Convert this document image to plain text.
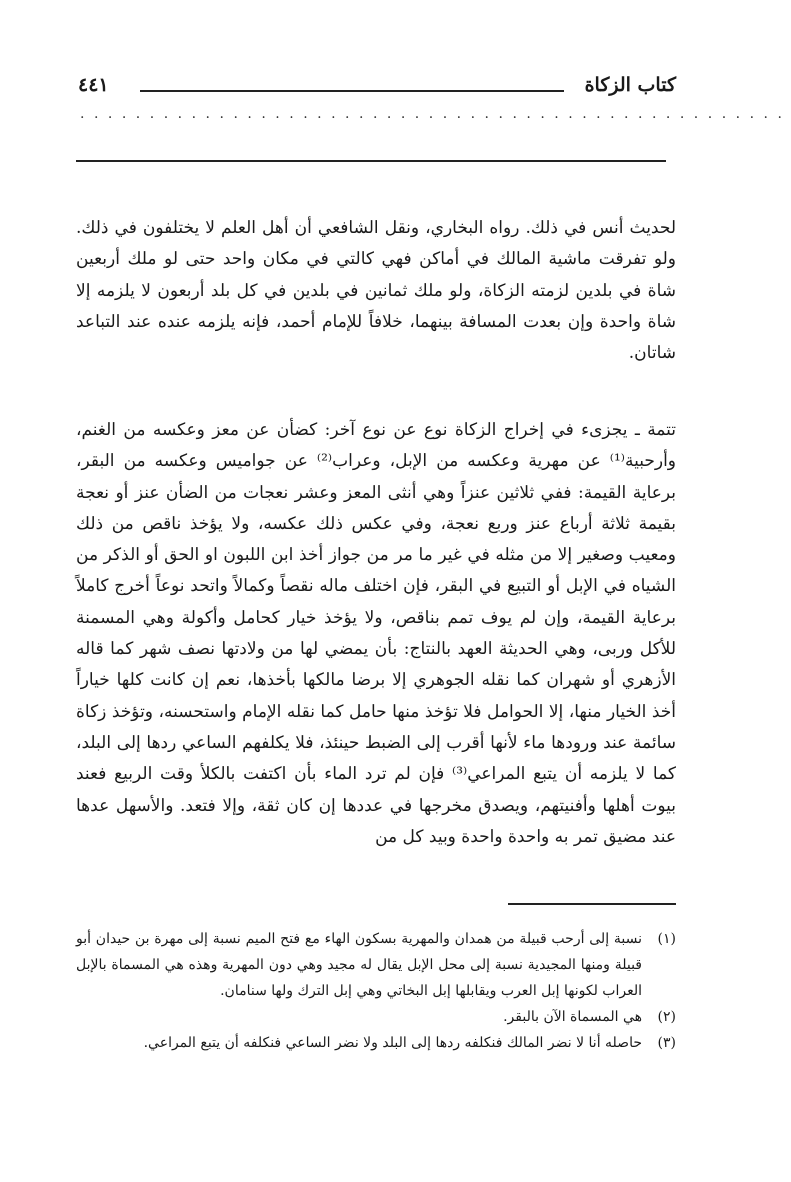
كتاب الزكاة
٤٤١
...................................................

لحديث أنس في ذلك. رواه البخاري، ونقل الشافعي أن أهل العلم لا يختلفون في ذلك. ولو تفرقت ماشية المالك في أماكن فهي كالتي في مكان واحد حتى لو ملك أربعين شاة في بلدين لزمته الزكاة، ولو ملك ثمانين في بلدين في كل بلد أربعون لا يلزمه إلا شاة واحدة وإن بعدت المسافة بينهما، خلافاً للإمام أحمد، فإنه يلزمه عنده عند التباعد شاتان.

تتمة ـ يجزىء في إخراج الزكاة نوع عن نوع آخر: كضأن عن معز وعكسه من الغنم، وأرحبية⁽¹⁾ عن مهرية وعكسه من الإبل، وعراب⁽²⁾ عن جواميس وعكسه من البقر، برعاية القيمة: ففي ثلاثين عنزاً وهي أنثى المعز وعشر نعجات من الضأن عنز أو نعجة بقيمة ثلاثة أرباع عنز وربع نعجة، وفي عكس ذلك عكسه، ولا يؤخذ ناقص من ذلك ومعيب وصغير إلا من مثله في غير ما مر من جواز أخذ ابن اللبون او الحق أو الذكر من الشياه في الإبل أو التبيع في البقر، فإن اختلف ماله نقصاً وكمالاً واتحد نوعاً أخرج كاملاً برعاية القيمة، وإن لم يوف تمم بناقص، ولا يؤخذ خيار كحامل وأكولة وهي المسمنة للأكل وربى، وهي الحديثة العهد بالنتاج: بأن يمضي لها من ولادتها نصف شهر كما قاله الأزهري أو شهران كما نقله الجوهري إلا برضا مالكها بأخذها، نعم إن كانت كلها خياراً أخذ الخيار منها، إلا الحوامل فلا تؤخذ منها حامل كما نقله الإمام واستحسنه، وتؤخذ زكاة سائمة عند ورودها ماء لأنها أقرب إلى الضبط حينئذ، فلا يكلفهم الساعي ردها إلى البلد، كما لا يلزمه أن يتبع المراعي⁽³⁾ فإن لم ترد الماء بأن اكتفت بالكلأ وقت الربيع فعند بيوت أهلها وأفنيتهم، ويصدق مخرجها في عددها إن كان ثقة، وإلا فتعد. والأسهل عدها عند مضيق تمر به واحدة واحدة وبيد كل من

(١)
نسبة إلى أرحب قبيلة من همدان والمهرية بسكون الهاء مع فتح الميم نسبة إلى مهرة بن حيدان أبو قبيلة ومنها المجيدية نسبة إلى محل الإبل يقال له مجيد وهي دون المهرية وهذه هي المسماة بالإبل العراب لكونها إبل العرب ويقابلها إبل البخاتي وهي إبل الترك ولها سنامان.
(٢)
هي المسماة الآن بالبقر.
(٣)
حاصله أنا لا نضر المالك فنكلفه ردها إلى البلد ولا نضر الساعي فنكلفه أن يتبع المراعي.
